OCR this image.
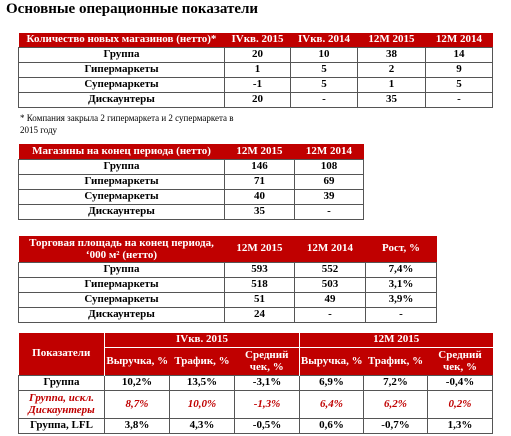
Основные операционные показатели
Количество новых магазинов (нетто)*	IVкв. 2015	IVкв. 2014	12M 2015	12M 2014
Группа	20	10	38	14
Гипермаркеты	1	5	2	9
Супермаркеты	-1	5	1	5
Дискаунтеры	20	-	35	-
* Компания закрыла 2 гипермаркета и 2 супермаркета в 2015 году
Магазины на конец периода (нетто)	12M 2015	12M 2014
Группа	146	108
Гипермаркеты	71	69
Супермаркеты	40	39
Дискаунтеры	35	-
Торговая площадь на конец периода, ‘000 м² (нетто)	12M 2015	12M 2014	Рост, %
Группа	593	552	7,4%
Гипермаркеты	518	503	3,1%
Супермаркеты	51	49	3,9%
Дискаунтеры	24	-	-
Показатели	IVкв. 2015			12M 2015		
	Выручка, %	Трафик, %	Средний чек, %	Выручка, %	Трафик, %	Средний чек, %
Группа	10,2%	13,5%	-3,1%	6,9%	7,2%	-0,4%
Группа, искл. Дискаунтеры	8,7%	10,0%	-1,3%	6,4%	6,2%	0,2%
Группа, LFL	3,8%	4,3%	-0,5%	0,6%	-0,7%	1,3%
